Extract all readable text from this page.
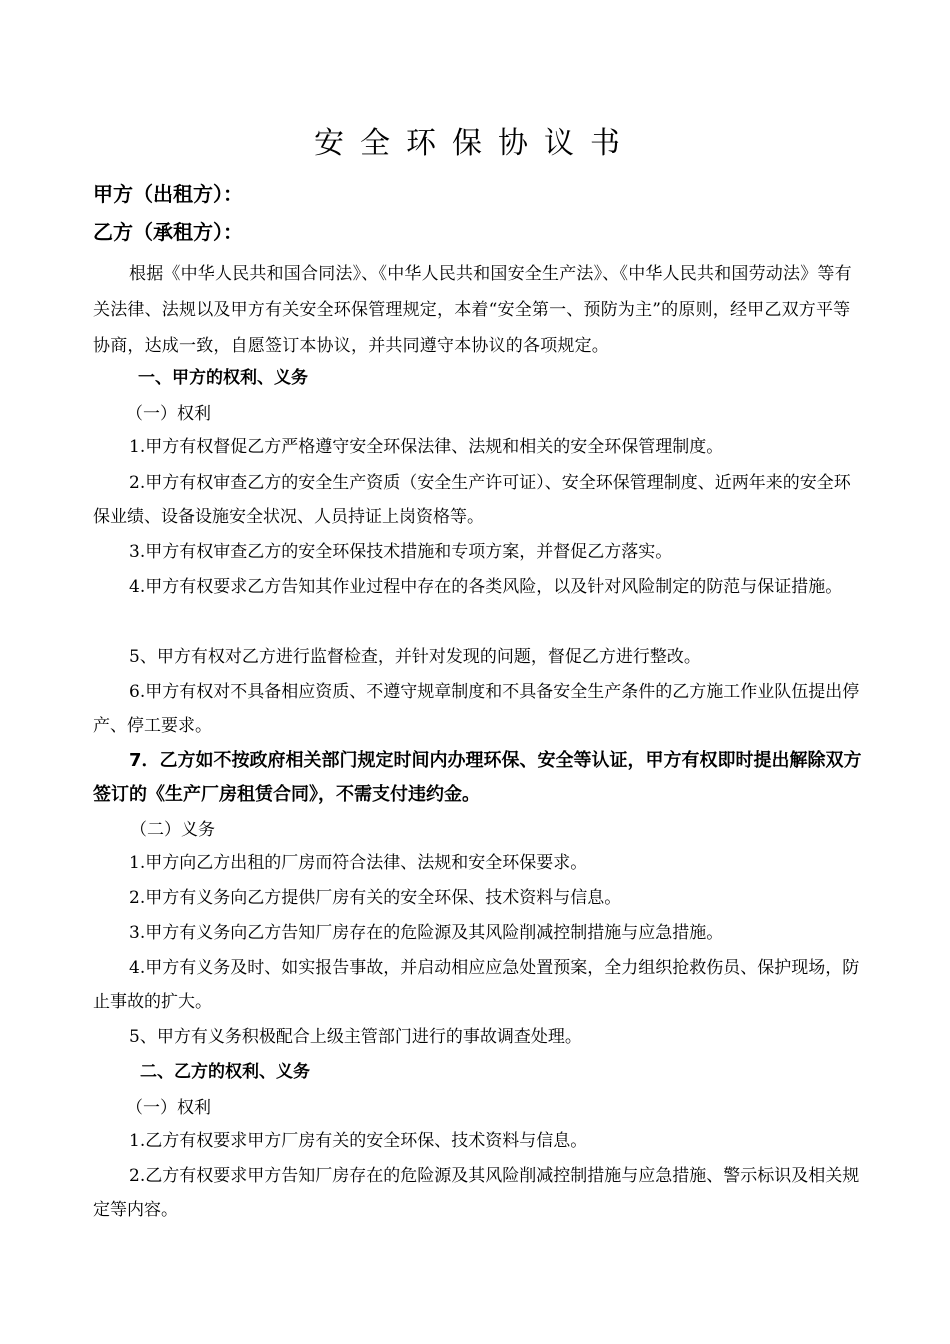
安全环保协议书
甲方（出租方）：
乙方（承租方）：
根据《中华人民共和国合同法》、《中华人民共和国安全生产法》、《中华人民共和国劳动法》等有关法律、法规以及甲方有关安全环保管理规定，本着“安全第一、预防为主”的原则，经甲乙双方平等协商，达成一致，自愿签订本协议，并共同遵守本协议的各项规定。
一、甲方的权利、义务
（一）权利
1.甲方有权督促乙方严格遵守安全环保法律、法规和相关的安全环保管理制度。
2.甲方有权审查乙方的安全生产资质（安全生产许可证）、安全环保管理制度、近两年来的安全环保业绩、设备设施安全状况、人员持证上岗资格等。
3.甲方有权审查乙方的安全环保技术措施和专项方案，并督促乙方落实。
4.甲方有权要求乙方告知其作业过程中存在的各类风险，以及针对风险制定的防范与保证措施。
5、甲方有权对乙方进行监督检查，并针对发现的问题，督促乙方进行整改。
6.甲方有权对不具备相应资质、不遵守规章制度和不具备安全生产条件的乙方施工作业队伍提出停产、停工要求。
7．乙方如不按政府相关部门规定时间内办理环保、安全等认证，甲方有权即时提出解除双方签订的《生产厂房租赁合同》，不需支付违约金。
（二）义务
1.甲方向乙方出租的厂房而符合法律、法规和安全环保要求。
2.甲方有义务向乙方提供厂房有关的安全环保、技术资料与信息。
3.甲方有义务向乙方告知厂房存在的危险源及其风险削减控制措施与应急措施。
4.甲方有义务及时、如实报告事故，并启动相应应急处置预案，全力组织抢救伤员、保护现场，防止事故的扩大。
5、甲方有义务积极配合上级主管部门进行的事故调查处理。
二、乙方的权利、义务
（一）权利
1.乙方有权要求甲方厂房有关的安全环保、技术资料与信息。
2.乙方有权要求甲方告知厂房存在的危险源及其风险削减控制措施与应急措施、警示标识及相关规定等内容。
